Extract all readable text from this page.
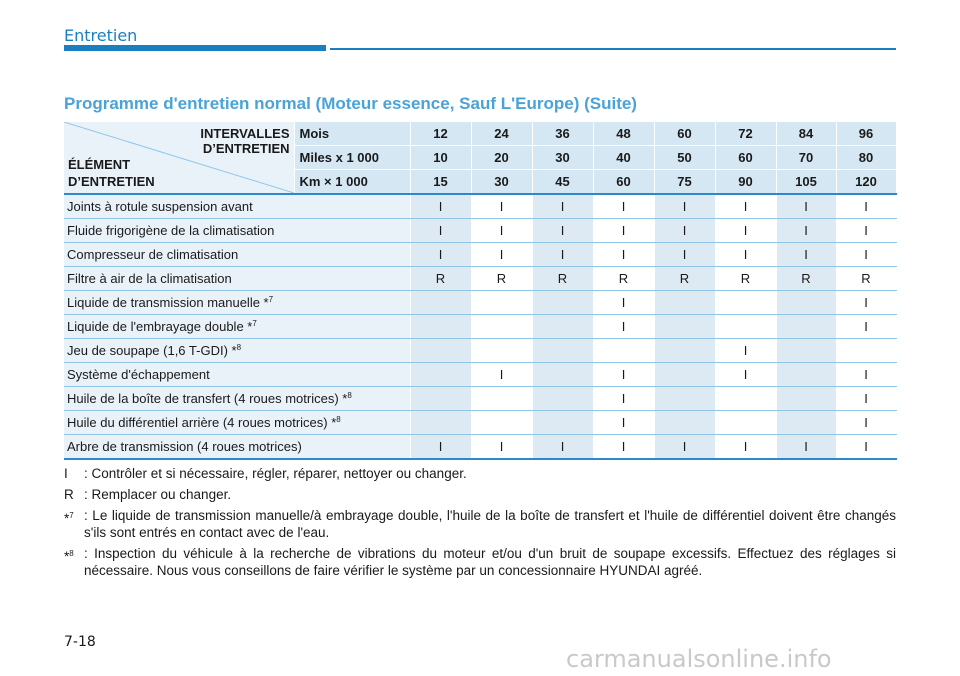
Entretien
Programme d'entretien normal (Moteur essence, Sauf L'Europe) (Suite)
INTERVALLES
D’ENTRETIEN
ÉLÉMENT
D’ENTRETIEN	Mois	12	24	36	48	60	72	84	96
	Miles x 1 000	10	20	30	40	50	60	70	80
	Km × 1 000	15	30	45	60	75	90	105	120
Joints à rotule suspension avant		I	I	I	I	I	I	I	I
Fluide frigorigène de la climatisation		I	I	I	I	I	I	I	I
Compresseur de climatisation		I	I	I	I	I	I	I	I
Filtre à air de la climatisation		R	R	R	R	R	R	R	R
Liquide de transmission manuelle *$^7$					I				I
Liquide de l'embrayage double *$^7$					I				I
Jeu de soupape (1,6 T-GDI) *$^8$							I		
Système d'échappement			I		I		I		I
Huile de la boîte de transfert (4 roues motrices) *$^8$					I				I
Huile du différentiel arrière (4 roues motrices) *$^8$					I				I
Arbre de transmission (4 roues motrices)		I	I	I	I	I	I	I	I
I	: Contrôler et si nécessaire, régler, réparer, nettoyer ou changer.
R : Remplacer ou changer.
*$^7$ : Le liquide de transmission manuelle/à embrayage double, l'huile de la boîte de transfert et l'huile de différentiel doivent être changés s'ils sont entrés en contact avec de l'eau.
*$^8$ : Inspection du véhicule à la recherche de vibrations du moteur et/ou d'un bruit de soupape excessifs. Effectuez des réglages si nécessaire. Nous vous conseillons de faire vérifier le système par un concessionnaire HYUNDAI agréé.
7-18
carmanualsonline.info
